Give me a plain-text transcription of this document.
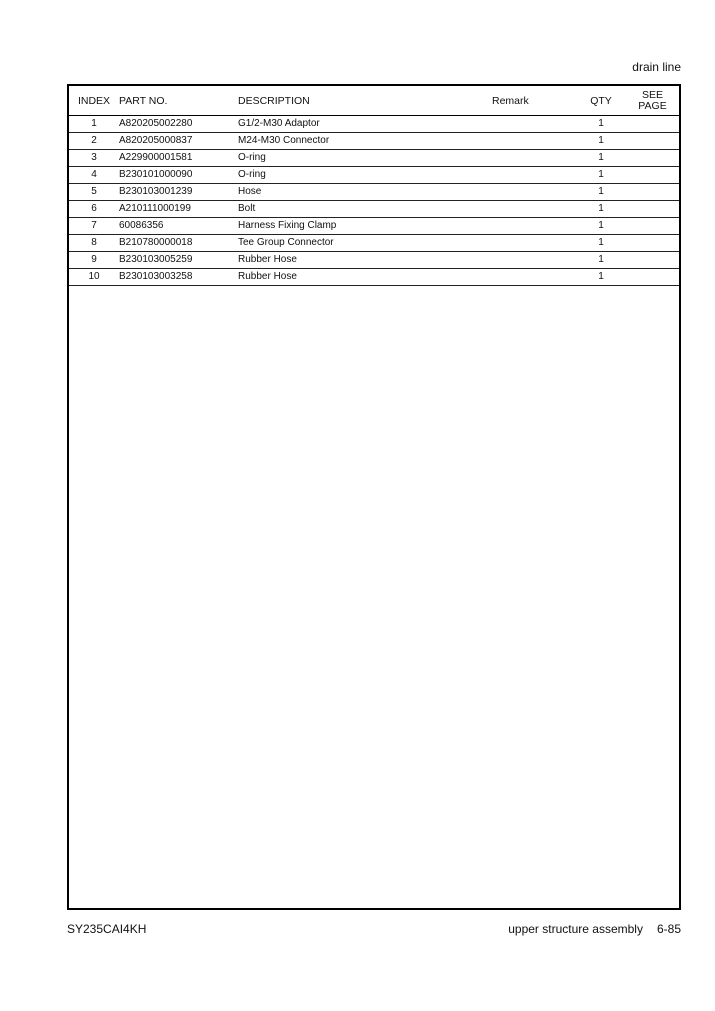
drain line
INDEX	PART NO.	DESCRIPTION	Remark	QTY	SEE
PAGE

1	A820205002280	G1/2-M30 Adaptor		1	
2	A820205000837	M24-M30 Connector		1	
3	A229900001581	O-ring		1	
4	B230101000090	O-ring		1	
5	B230103001239	Hose		1	
6	A210111000199	Bolt		1	
7	60086356	Harness Fixing Clamp		1	
8	B210780000018	Tee Group Connector		1	
9	B230103005259	Rubber Hose		1	
10	B230103003258	Rubber Hose		1	
SY235CAI4KH	upper structure assembly 6-85
